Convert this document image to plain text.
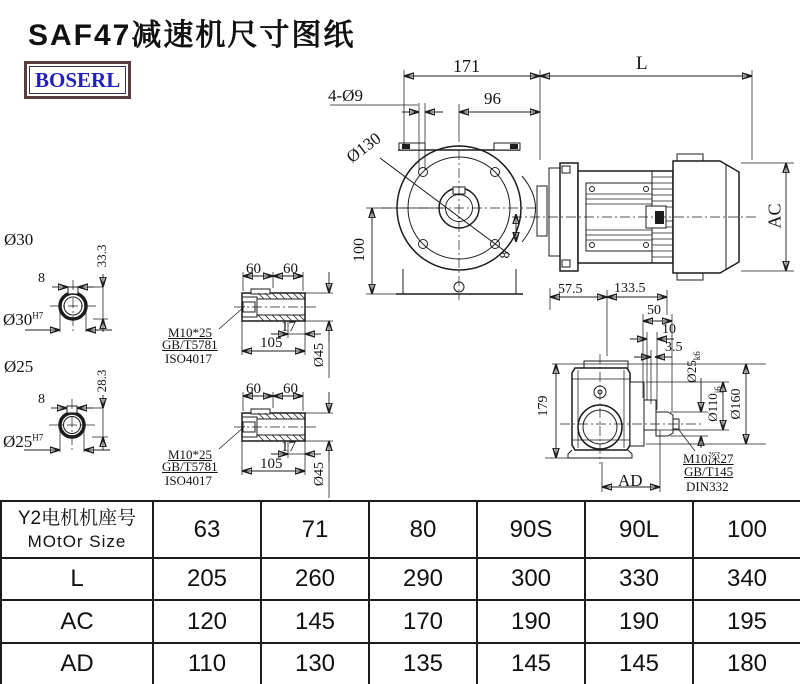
SAF47减速机尺寸图纸
BOSERL
171	L
96
4-Ø9
Ø130
100	8
AC
57.5 133.5
Ø30
8
33.3
$Ø30^{H7}$
Ø25
8
28.3
$Ø25^{H7}$
60 60
17
105 Ø45
M10*25
GB/T5781
ISO4017
60 60
17
105 Ø45
M10*25
GB/T5781
ISO4017
50
10
3.5
$Ø25_{k6}$
$Ø110_{j6}$ Ø160
179
AD
M10深27
GB/T145
DIN332
Y2电机机座号
MOtOr Size	63	71	80	90S	90L	100
L	205	260	290	300	330	340
AC	120	145	170	190	190	195
AD	110	130	135	145	145	180
